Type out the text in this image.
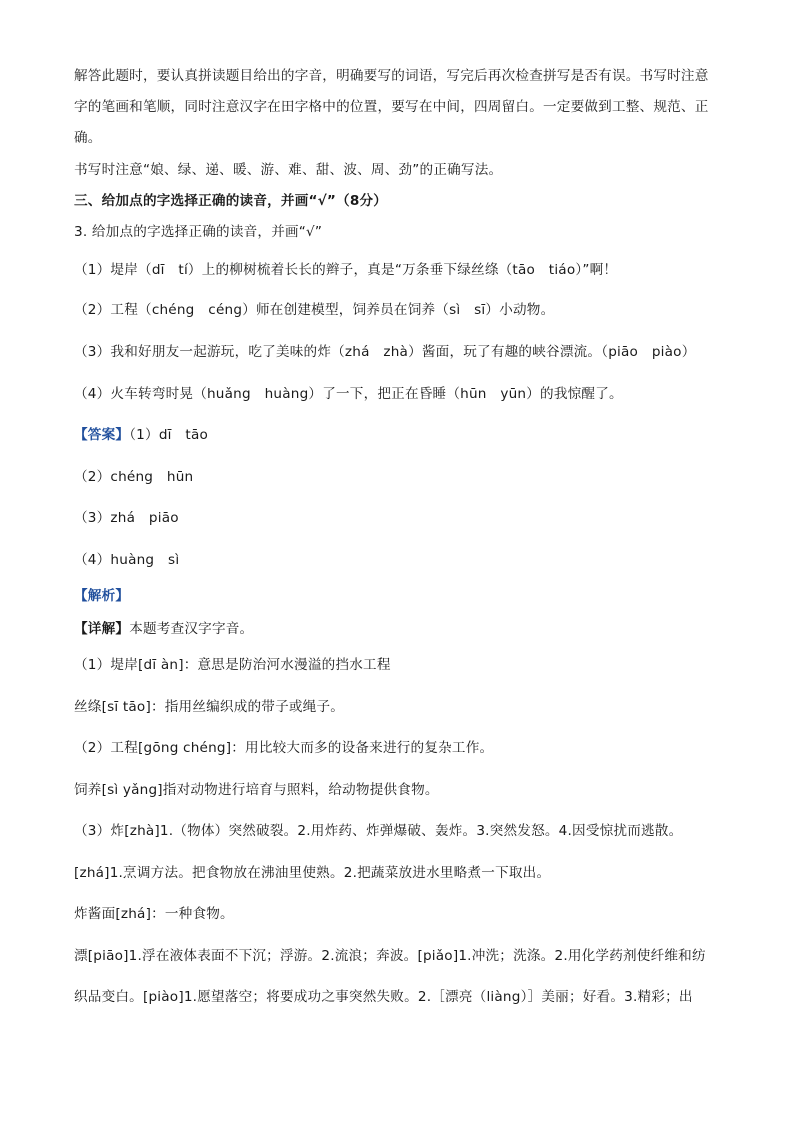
解答此题时，要认真拼读题目给出的字音，明确要写的词语，写完后再次检查拼写是否有误。书写时注意
字的笔画和笔顺，同时注意汉字在田字格中的位置，要写在中间，四周留白。一定要做到工整、规范、正
确。
书写时注意“娘、绿、递、暖、游、难、甜、波、周、劲”的正确写法。
三、给加点的字选择正确的读音，并画“√”（8分）
3. 给加点的字选择正确的读音，并画“√”
（1）堤岸（dī　tí）上的柳树梳着长长的辫子，真是“万条垂下绿丝绦（tāo　tiáo）”啊！
（2）工程（chéng　céng）师在创建模型，饲养员在饲养（sì　sī）小动物。
（3）我和好朋友一起游玩，吃了美味的炸（zhá　zhà）酱面，玩了有趣的峡谷漂流。（piāo　piào）
（4）火车转弯时晃（huǎng　huàng）了一下，把正在昏睡（hūn　yūn）的我惊醒了。
【答案】（1）dī　tāo
（2）chéng　hūn
（3）zhá　piāo
（4）huàng　sì
【解析】
【详解】本题考查汉字字音。
（1）堤岸[dī àn]：意思是防治河水漫溢的挡水工程
丝绦[sī tāo]：指用丝编织成的带子或绳子。
（2）工程[gōng chéng]：用比较大而多的设备来进行的复杂工作。
饲养[sì yǎng]指对动物进行培育与照料，给动物提供食物。
（3）炸[zhà]1.（物体）突然破裂。2.用炸药、炸弹爆破、轰炸。3.突然发怒。4.因受惊扰而逃散。
[zhá]1.烹调方法。把食物放在沸油里使熟。2.把蔬菜放进水里略煮一下取出。
炸酱面[zhá]：一种食物。
漂[piāo]1.浮在液体表面不下沉；浮游。2.流浪；奔波。[piǎo]1.冲洗；洗涤。2.用化学药剂使纤维和纺
织品变白。[piào]1.愿望落空；将要成功之事突然失败。2.［漂亮（liàng）］美丽；好看。3.精彩；出
